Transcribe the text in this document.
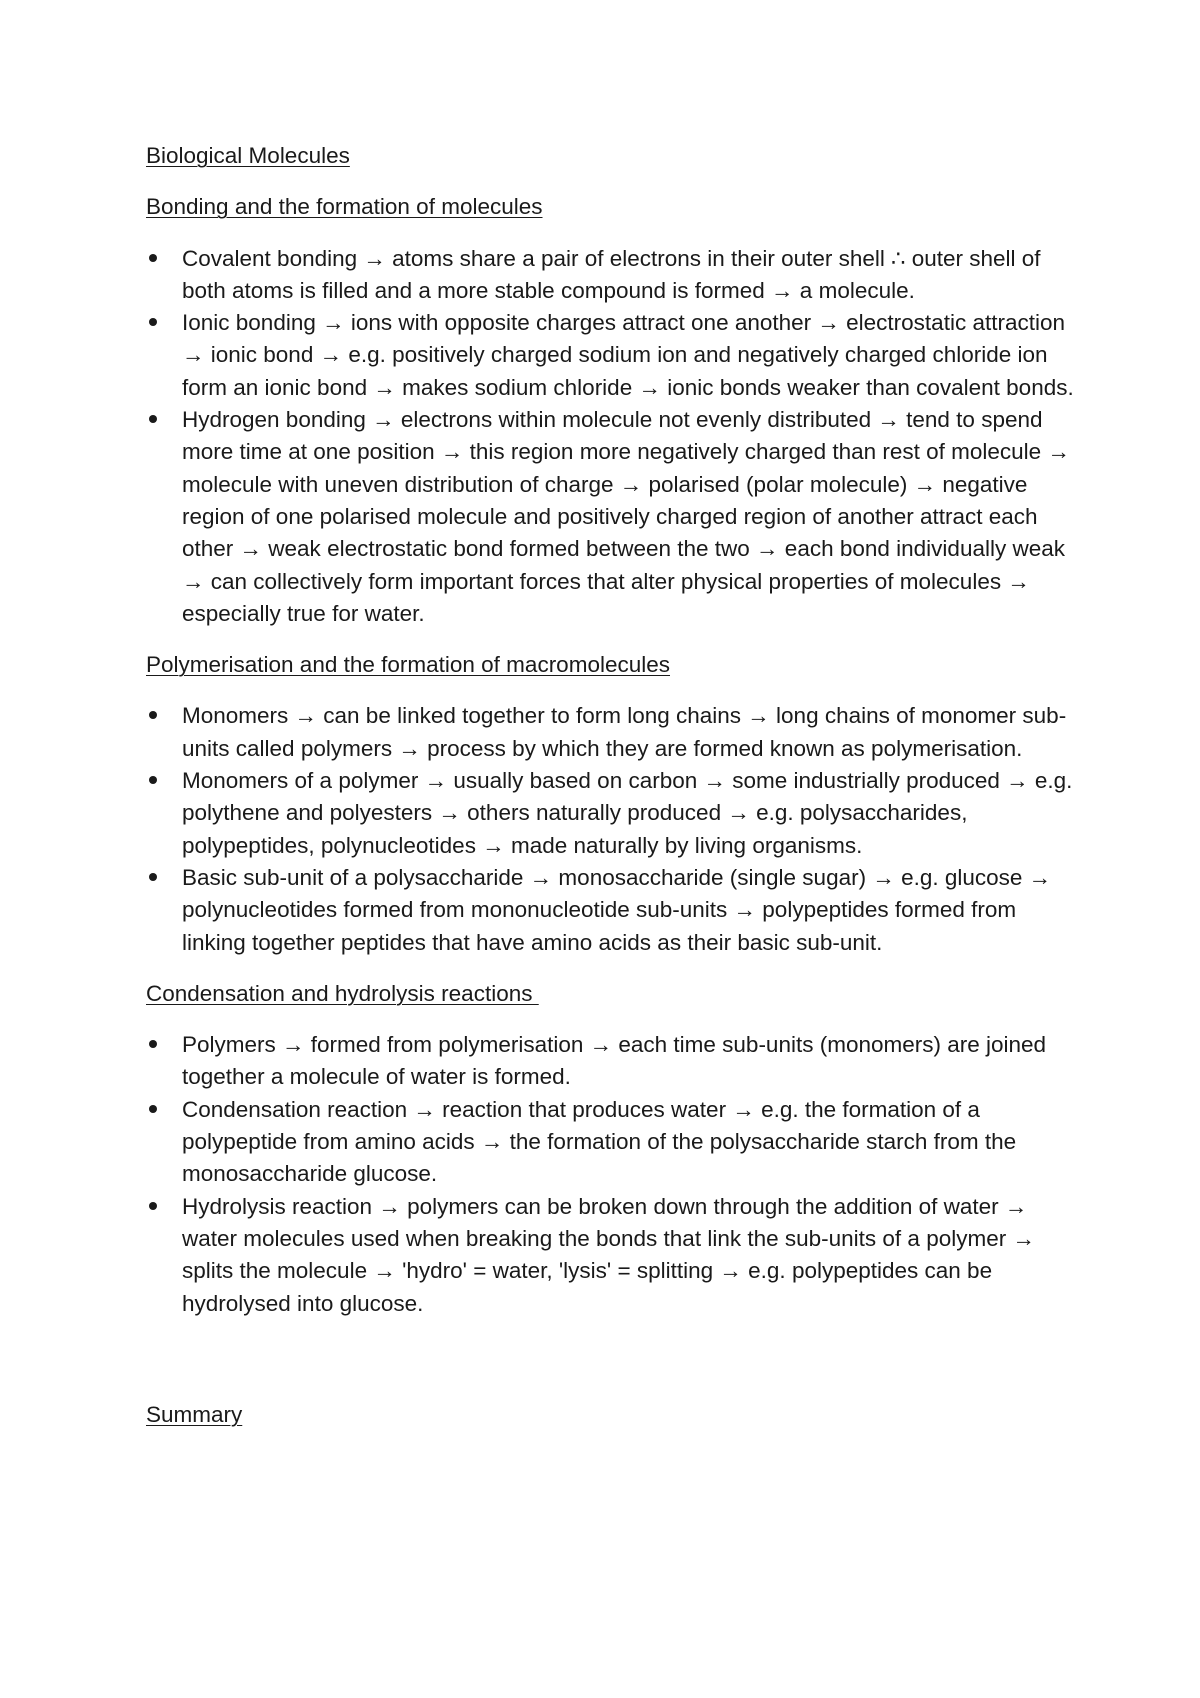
Biological Molecules
Bonding and the formation of molecules
Covalent bonding → atoms share a pair of electrons in their outer shell ∴ outer shell of both atoms is filled and a more stable compound is formed → a molecule.
Ionic bonding → ions with opposite charges attract one another → electrostatic attraction → ionic bond → e.g. positively charged sodium ion and negatively charged chloride ion form an ionic bond → makes sodium chloride → ionic bonds weaker than covalent bonds.
Hydrogen bonding → electrons within molecule not evenly distributed → tend to spend more time at one position → this region more negatively charged than rest of molecule → molecule with uneven distribution of charge → polarised (polar molecule) → negative region of one polarised molecule and positively charged region of another attract each other → weak electrostatic bond formed between the two → each bond individually weak → can collectively form important forces that alter physical properties of molecules → especially true for water.
Polymerisation and the formation of macromolecules
Monomers → can be linked together to form long chains → long chains of monomer sub-units called polymers → process by which they are formed known as polymerisation.
Monomers of a polymer → usually based on carbon → some industrially produced → e.g. polythene and polyesters → others naturally produced → e.g. polysaccharides, polypeptides, polynucleotides → made naturally by living organisms.
Basic sub-unit of a polysaccharide → monosaccharide (single sugar) → e.g. glucose → polynucleotides formed from mononucleotide sub-units → polypeptides formed from linking together peptides that have amino acids as their basic sub-unit.
Condensation and hydrolysis reactions
Polymers → formed from polymerisation → each time sub-units (monomers) are joined together a molecule of water is formed.
Condensation reaction → reaction that produces water → e.g. the formation of a polypeptide from amino acids → the formation of the polysaccharide starch from the monosaccharide glucose.
Hydrolysis reaction → polymers can be broken down through the addition of water → water molecules used when breaking the bonds that link the sub-units of a polymer → splits the molecule → 'hydro' = water, 'lysis' = splitting → e.g. polypeptides can be hydrolysed into glucose.
Summary
